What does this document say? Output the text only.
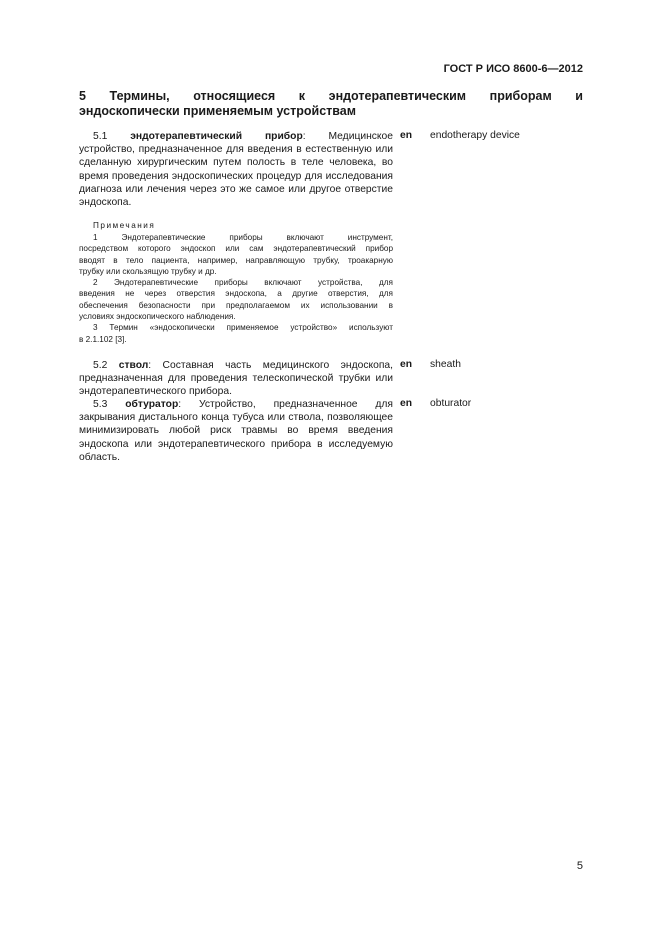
ГОСТ Р ИСО 8600-6—2012
5 Термины, относящиеся к эндотерапевтическим приборам и
эндоскопически применяемым устройствам
5.1 эндотерапевтический прибор: Медицинское
устройство, предназначенное для введения в естественную или
сделанную хирургическим путем полость в теле человека, во
время проведения эндоскопических процедур для исследования
диагноза или лечения через это же самое или другое отверстие
эндоскопа.
en endotherapy device
Примечания
1 Эндотерапевтические приборы включают инструмент,
посредством которого эндоскоп или сам эндотерапевтический прибор
вводят в тело пациента, например, направляющую трубку, троакарную
трубку или скользящую трубку и др.
2 Эндотерапевтические приборы включают устройства, для
введения не через отверстия эндоскопа, а другие отверстия, для
обеспечения безопасности при предполагаемом их использовании в
условиях эндоскопического наблюдения.
3 Термин «эндоскопически применяемое устройство» используют
в 2.1.102 [3].
5.2 ствол: Составная часть медицинского эндоскопа,
предназначенная для проведения телескопической трубки или
эндотерапевтического прибора.
en sheath
5.3 обтуратор: Устройство, предназначенное для
закрывания дистального конца тубуса или ствола, позволяющее
минимизировать любой риск травмы во время введения
эндоскопа или эндотерапевтического прибора в исследуемую
область.
en obturator
5
